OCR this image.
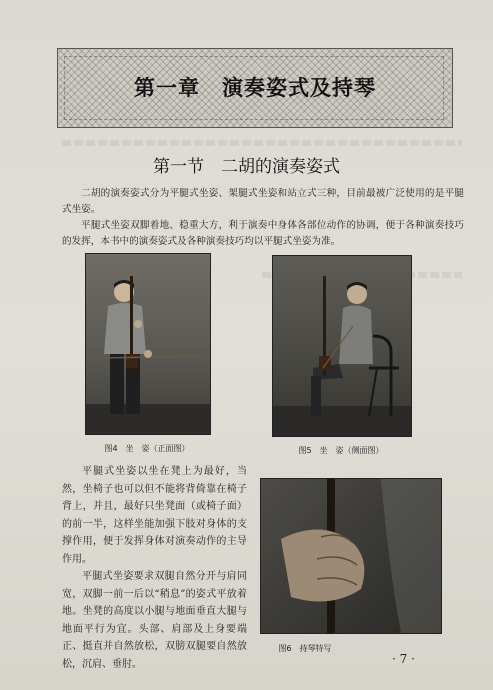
第一章　演奏姿式及持琴
第一节　二胡的演奏姿式

二胡的演奏姿式分为平腿式坐姿、架腿式坐姿和站立式三种，目前最被广泛使用的是平腿式坐姿。

平腿式坐姿双脚着地、稳重大方，利于演奏中身体各部位动作的协调，便于各种演奏技巧的发挥，本书中的演奏姿式及各种演奏技巧均以平腿式坐姿为准。

图4　坐　姿（正面图）	图5　坐　姿（侧面图）

平腿式坐姿以坐在凳上为最好，当然，坐椅子也可以但不能将背倚靠在椅子背上，并且，最好只坐凳面（或椅子面）的前一半，这样坐能加强下肢对身体的支撑作用，便于发挥身体对演奏动作的主导作用。

平腿式坐姿要求双腿自然分开与肩同宽，双脚一前一后以“稍息”的姿式平放着地。坐凳的高度以小腿与地面垂直大腿与地面平行为宜。头部、肩部及上身要端正、挺直并自然放松，双膀双腿要自然放松，沉肩、垂肘。

图6　持琴特写
· 7 ·
